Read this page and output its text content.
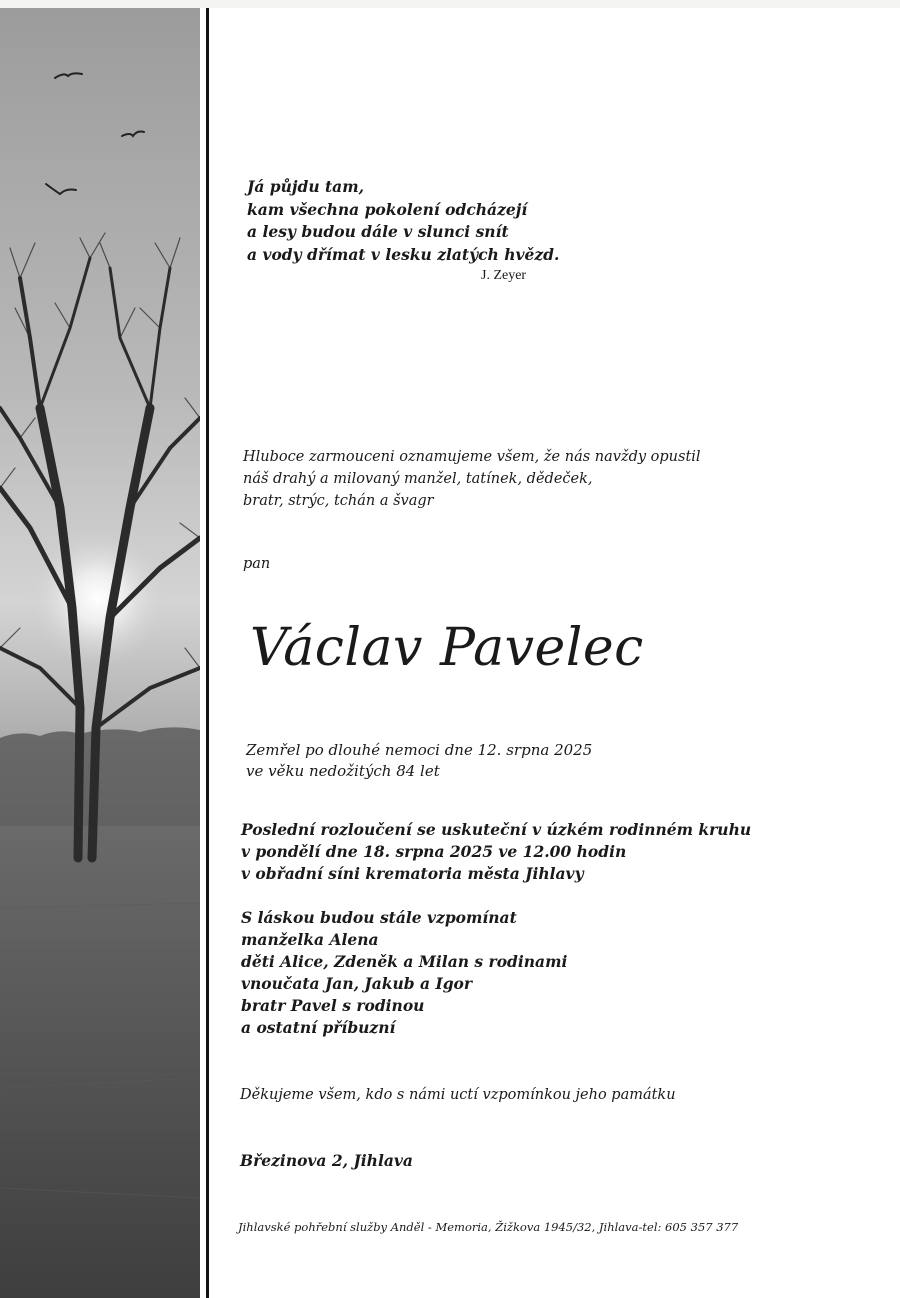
Já půjdu tam,
kam všechna pokolení odcházejí
a lesy budou dále v slunci snít
a vody dřímat v lesku zlatých hvězd.
J. Zeyer
Hluboce zarmouceni oznamujeme všem, že nás navždy opustil
náš drahý a milovaný manžel, tatínek, dědeček,
bratr, strýc, tchán a švagr
pan
Václav Pavelec
Zemřel po dlouhé nemoci dne 12. srpna 2025
ve věku nedožitých 84 let
Poslední rozloučení se uskuteční v úzkém rodinném kruhu
v pondělí dne 18. srpna 2025 ve 12.00 hodin
v obřadní síni krematoria města Jihlavy
S láskou budou stále vzpomínat
manželka Alena
děti Alice, Zdeněk a Milan s rodinami
vnoučata Jan, Jakub a Igor
bratr Pavel s rodinou
a ostatní příbuzní
Děkujeme všem, kdo s námi uctí vzpomínkou jeho památku
Březinova 2, Jihlava
Jihlavské pohřební služby Anděl - Memoria, Žižkova 1945/32, Jihlava-tel: 605 357 377
